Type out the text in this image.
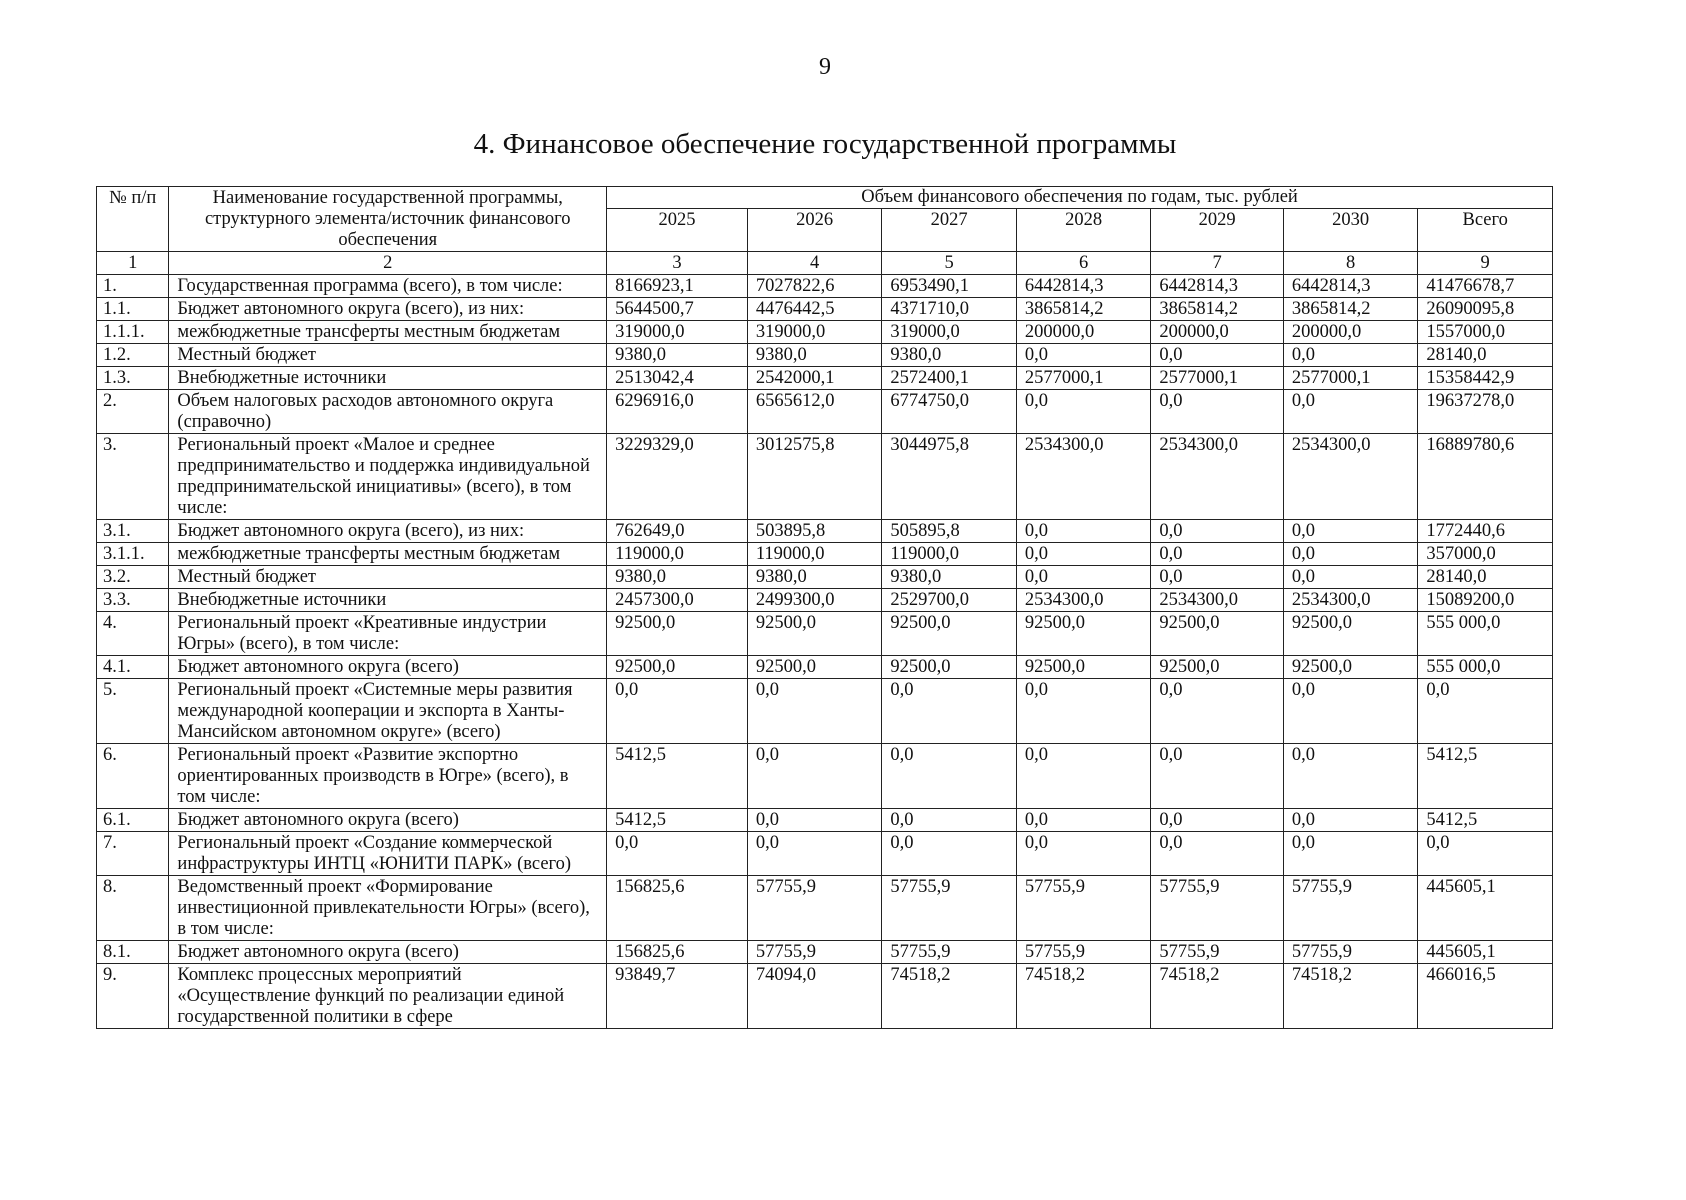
9
4. Финансовое обеспечение государственной программы
№ п/п	Наименование государственной программы, структурного элемента/источник финансового обеспечения	Объем финансового обеспечения по годам, тыс. рублей						
		2025	2026	2027	2028	2029	2030	Всего
1	2	3	4	5	6	7	8	9
1.	Государственная программа (всего), в том числе:	8166923,1	7027822,6	6953490,1	6442814,3	6442814,3	6442814,3	41476678,7
1.1.	Бюджет автономного округа (всего), из них:	5644500,7	4476442,5	4371710,0	3865814,2	3865814,2	3865814,2	26090095,8
1.1.1.	межбюджетные трансферты местным бюджетам	319000,0	319000,0	319000,0	200000,0	200000,0	200000,0	1557000,0
1.2.	Местный бюджет	9380,0	9380,0	9380,0	0,0	0,0	0,0	28140,0
1.3.	Внебюджетные источники	2513042,4	2542000,1	2572400,1	2577000,1	2577000,1	2577000,1	15358442,9
2.	Объем налоговых расходов автономного округа (справочно)	6296916,0	6565612,0	6774750,0	0,0	0,0	0,0	19637278,0
3.	Региональный проект «Малое и среднее предпринимательство и поддержка индивидуальной предпринимательской инициативы» (всего), в том числе:	3229329,0	3012575,8	3044975,8	2534300,0	2534300,0	2534300,0	16889780,6
3.1.	Бюджет автономного округа (всего), из них:	762649,0	503895,8	505895,8	0,0	0,0	0,0	1772440,6
3.1.1.	межбюджетные трансферты местным бюджетам	119000,0	119000,0	119000,0	0,0	0,0	0,0	357000,0
3.2.	Местный бюджет	9380,0	9380,0	9380,0	0,0	0,0	0,0	28140,0
3.3.	Внебюджетные источники	2457300,0	2499300,0	2529700,0	2534300,0	2534300,0	2534300,0	15089200,0
4.	Региональный проект «Креативные индустрии Югры» (всего), в том числе:	92500,0	92500,0	92500,0	92500,0	92500,0	92500,0	555 000,0
4.1.	Бюджет автономного округа (всего)	92500,0	92500,0	92500,0	92500,0	92500,0	92500,0	555 000,0
5.	Региональный проект «Системные меры развития международной кооперации и экспорта в Ханты-Мансийском автономном округе» (всего)	0,0	0,0	0,0	0,0	0,0	0,0	0,0
6.	Региональный проект «Развитие экспортно ориентированных производств в Югре» (всего), в том числе:	5412,5	0,0	0,0	0,0	0,0	0,0	5412,5
6.1.	Бюджет автономного округа (всего)	5412,5	0,0	0,0	0,0	0,0	0,0	5412,5
7.	Региональный проект «Создание коммерческой инфраструктуры ИНТЦ «ЮНИТИ ПАРК» (всего)	0,0	0,0	0,0	0,0	0,0	0,0	0,0
8.	Ведомственный проект «Формирование инвестиционной привлекательности Югры» (всего), в том числе:	156825,6	57755,9	57755,9	57755,9	57755,9	57755,9	445605,1
8.1.	Бюджет автономного округа (всего)	156825,6	57755,9	57755,9	57755,9	57755,9	57755,9	445605,1
9.	Комплекс процессных мероприятий «Осуществление функций по реализации единой государственной политики в сфере	93849,7	74094,0	74518,2	74518,2	74518,2	74518,2	466016,5
